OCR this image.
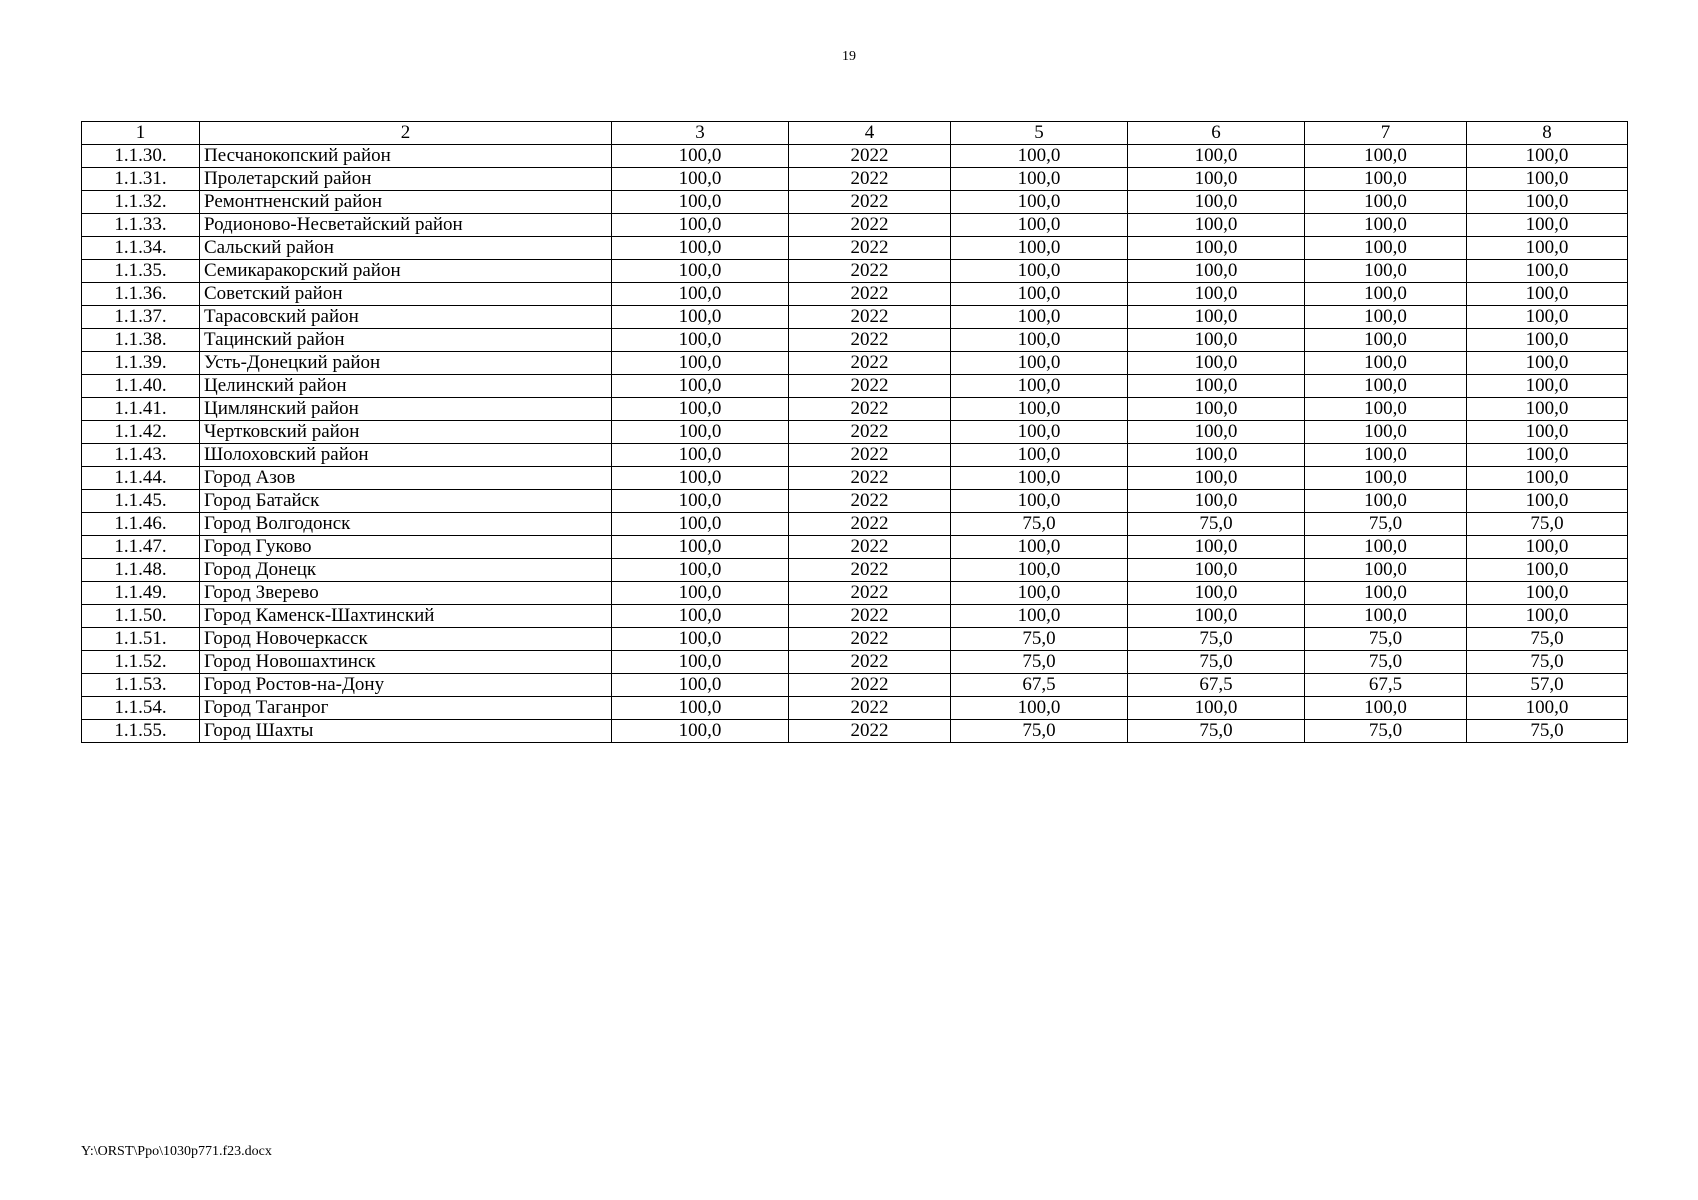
19
1	2	3	4	5	6	7	8
1.1.30.	Песчанокопский район	100,0	2022	100,0	100,0	100,0	100,0
1.1.31.	Пролетарский район	100,0	2022	100,0	100,0	100,0	100,0
1.1.32.	Ремонтненский район	100,0	2022	100,0	100,0	100,0	100,0
1.1.33.	Родионово-Несветайский район	100,0	2022	100,0	100,0	100,0	100,0
1.1.34.	Сальский район	100,0	2022	100,0	100,0	100,0	100,0
1.1.35.	Семикаракорский район	100,0	2022	100,0	100,0	100,0	100,0
1.1.36.	Советский район	100,0	2022	100,0	100,0	100,0	100,0
1.1.37.	Тарасовский район	100,0	2022	100,0	100,0	100,0	100,0
1.1.38.	Тацинский район	100,0	2022	100,0	100,0	100,0	100,0
1.1.39.	Усть-Донецкий район	100,0	2022	100,0	100,0	100,0	100,0
1.1.40.	Целинский район	100,0	2022	100,0	100,0	100,0	100,0
1.1.41.	Цимлянский район	100,0	2022	100,0	100,0	100,0	100,0
1.1.42.	Чертковский район	100,0	2022	100,0	100,0	100,0	100,0
1.1.43.	Шолоховский район	100,0	2022	100,0	100,0	100,0	100,0
1.1.44.	Город Азов	100,0	2022	100,0	100,0	100,0	100,0
1.1.45.	Город Батайск	100,0	2022	100,0	100,0	100,0	100,0
1.1.46.	Город Волгодонск	100,0	2022	75,0	75,0	75,0	75,0
1.1.47.	Город Гуково	100,0	2022	100,0	100,0	100,0	100,0
1.1.48.	Город Донецк	100,0	2022	100,0	100,0	100,0	100,0
1.1.49.	Город Зверево	100,0	2022	100,0	100,0	100,0	100,0
1.1.50.	Город Каменск-Шахтинский	100,0	2022	100,0	100,0	100,0	100,0
1.1.51.	Город Новочеркасск	100,0	2022	75,0	75,0	75,0	75,0
1.1.52.	Город Новошахтинск	100,0	2022	75,0	75,0	75,0	75,0
1.1.53.	Город Ростов-на-Дону	100,0	2022	67,5	67,5	67,5	57,0
1.1.54.	Город Таганрог	100,0	2022	100,0	100,0	100,0	100,0
1.1.55.	Город Шахты	100,0	2022	75,0	75,0	75,0	75,0
Y:\ORST\Ppo\1030p771.f23.docx
